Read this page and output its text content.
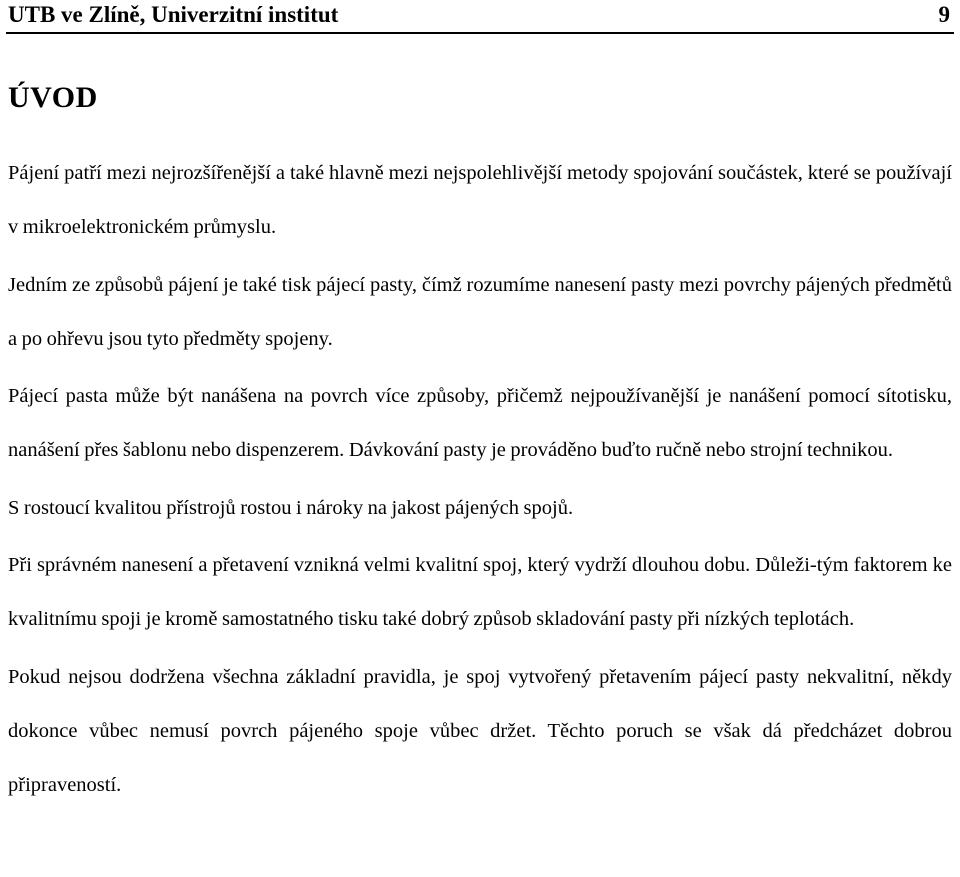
UTB ve Zlíně, Univerzitní institut	9
ÚVOD

Pájení patří mezi nejrozšířenější a také hlavně mezi nejspolehlivější metody spojování součástek, které se používají v mikroelektronickém průmyslu.

Jedním ze způsobů pájení je také tisk pájecí pasty, čímž rozumíme nanesení pasty mezi povrchy pájených předmětů a po ohřevu jsou tyto předměty spojeny.

Pájecí pasta může být nanášena na povrch více způsoby, přičemž nejpoužívanější je nanášení pomocí sítotisku, nanášení přes šablonu nebo dispenzerem. Dávkování pasty je prováděno buďto ručně nebo strojní technikou.

S rostoucí kvalitou přístrojů rostou i nároky na jakost pájených spojů.

Při správném nanesení a přetavení vznikná velmi kvalitní spoj, který vydrží dlouhou dobu. Důleži-tým faktorem ke kvalitnímu spoji je kromě samostatného tisku také dobrý způsob skladování pasty při nízkých teplotách.

Pokud nejsou dodržena všechna základní pravidla, je spoj vytvořený přetavením pájecí pasty nekvalitní, někdy dokonce vůbec nemusí povrch pájeného spoje vůbec držet. Těchto poruch se však dá předcházet dobrou připraveností.
